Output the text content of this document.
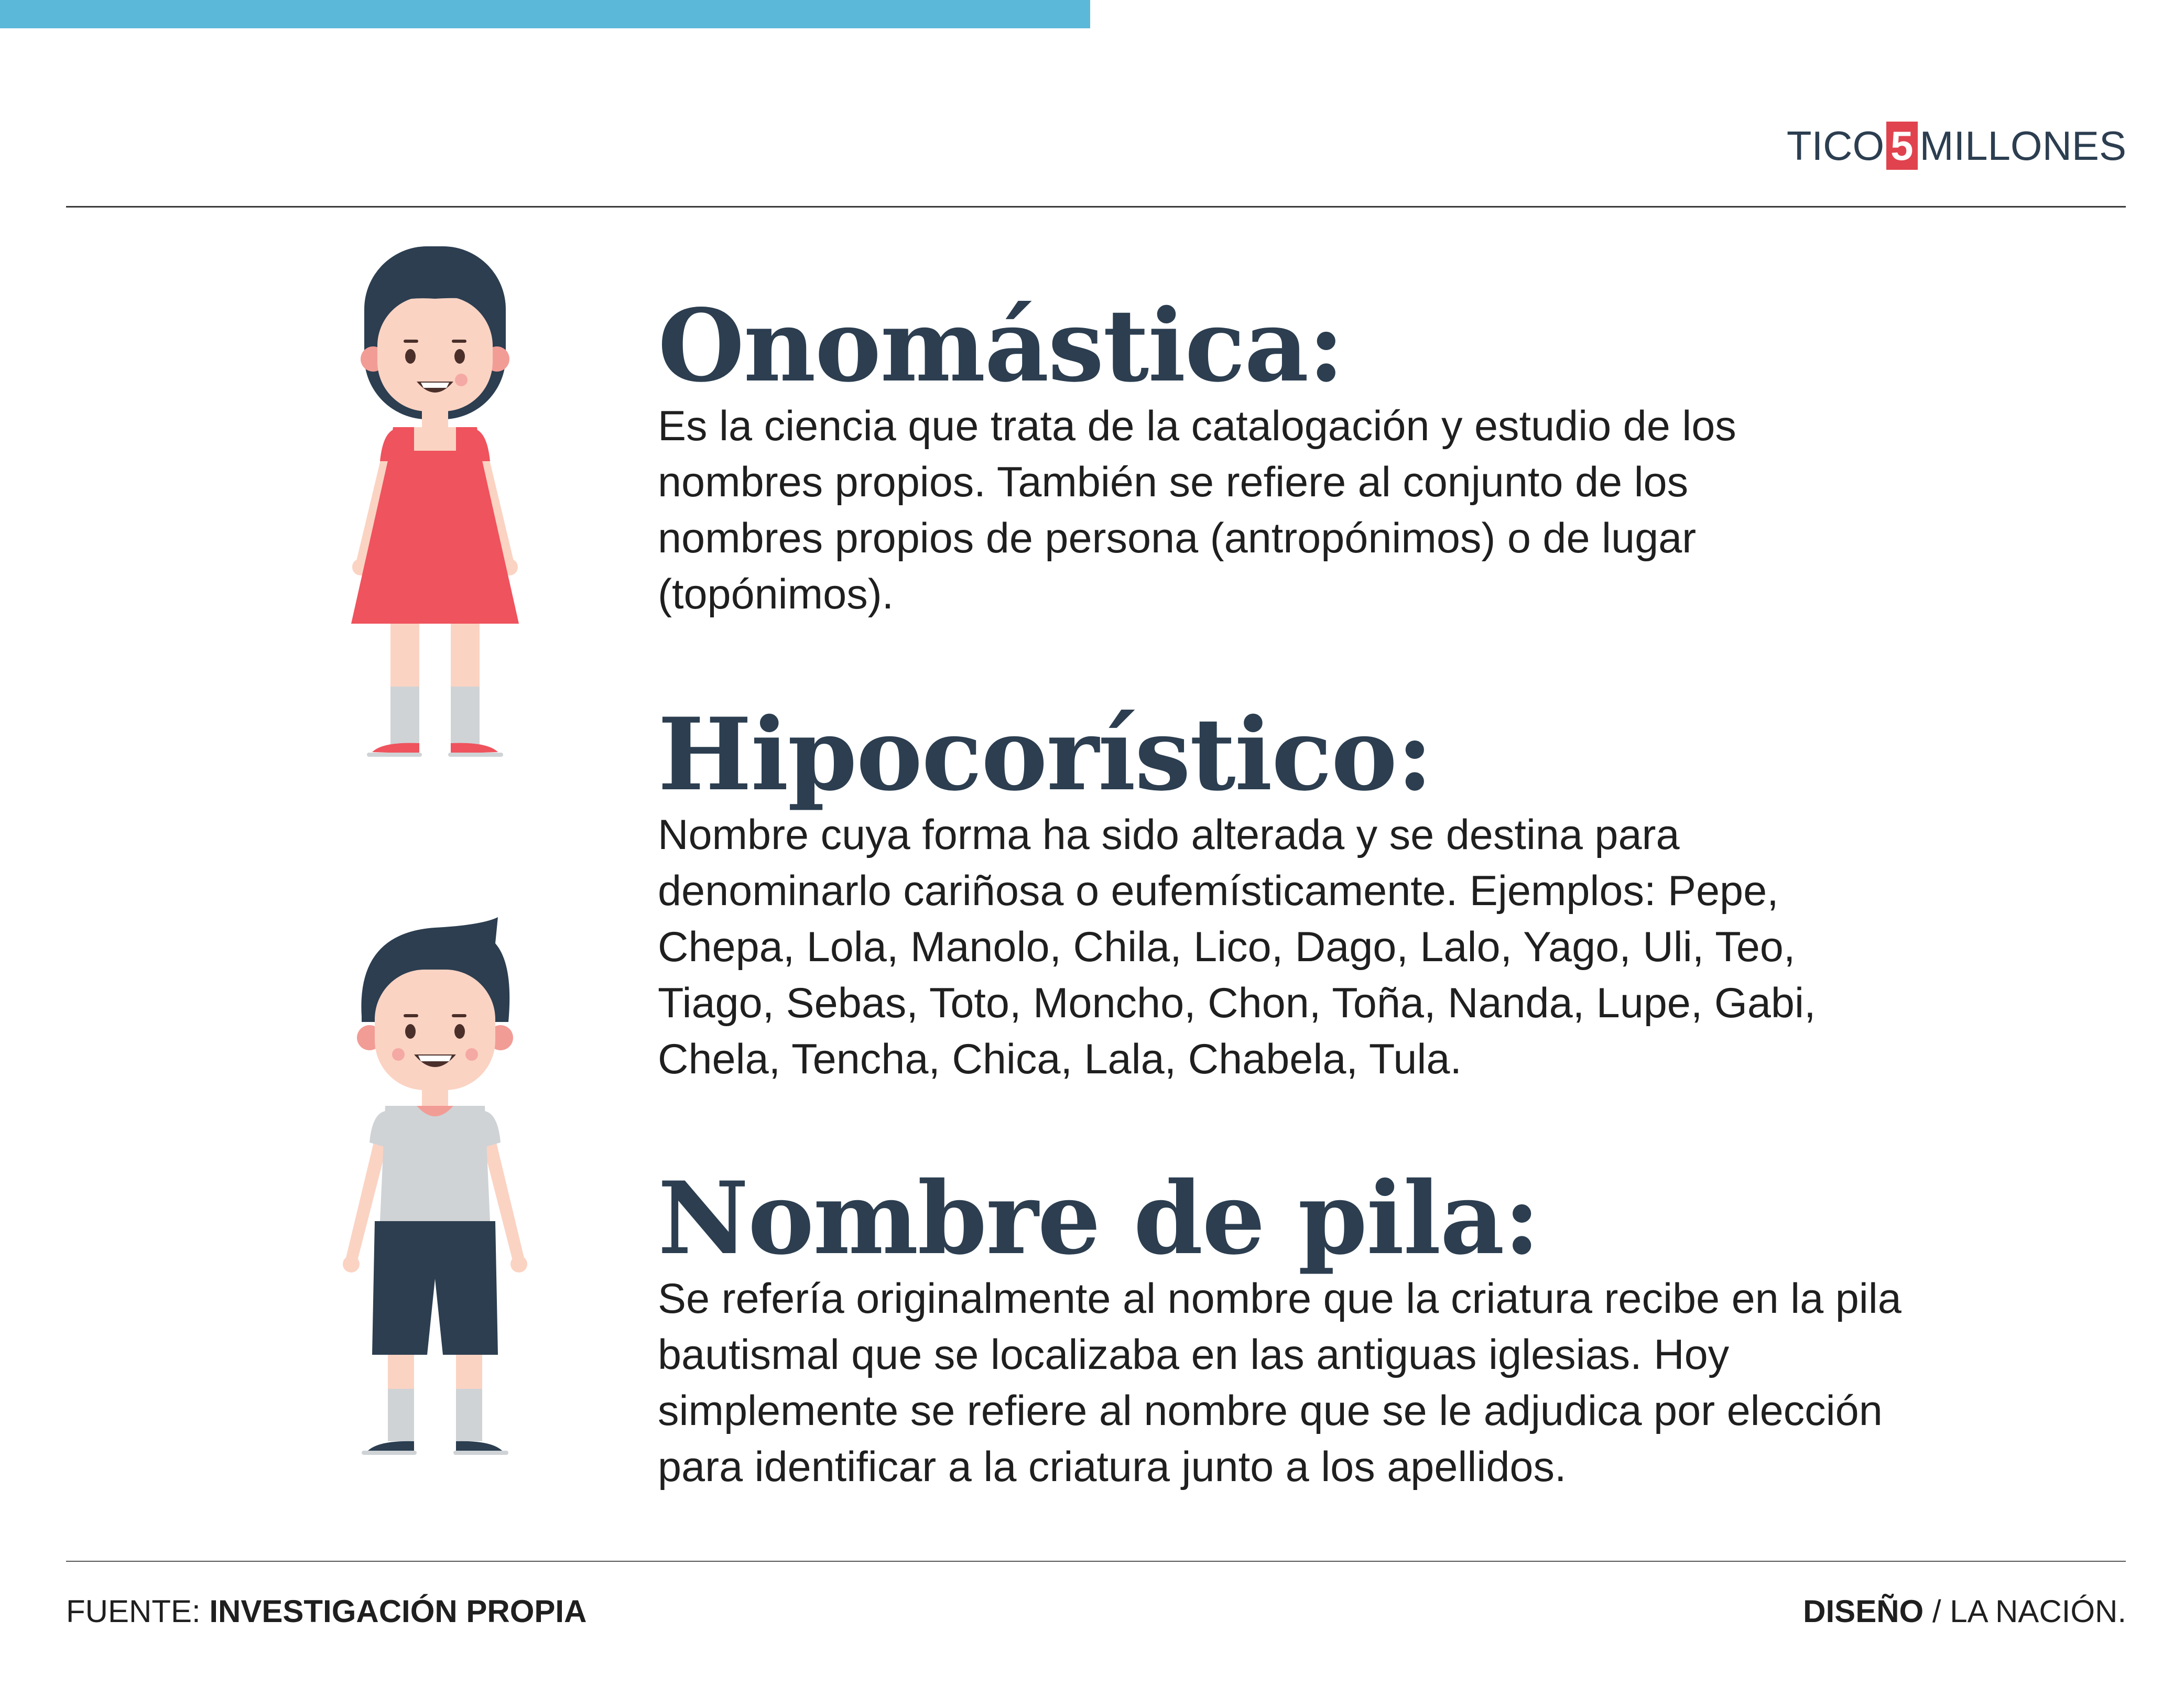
TICO 5 MILLONES
Onomástica:

Es la ciencia que trata de la catalogación y estudio de los nombres propios. También se refiere al conjunto de los nombres propios de persona (antropónimos) o de lugar (topónimos).

Hipocorístico:

Nombre cuya forma ha sido alterada y se destina para denominarlo cariñosa o eufemísticamente. Ejemplos: Pepe, Chepa, Lola, Manolo, Chila, Lico, Dago, Lalo, Yago, Uli, Teo, Tiago, Sebas, Toto, Moncho, Chon, Toña, Nanda, Lupe, Gabi, Chela, Tencha, Chica, Lala, Chabela, Tula.

Nombre de pila:

Se refería originalmente al nombre que la criatura recibe en la pila bautismal que se localizaba en las antiguas iglesias. Hoy simplemente se refiere al nombre que se le adjudica por elección para identificar a la criatura junto a los apellidos.

FUENTE: INVESTIGACIÓN PROPIA	DISEÑO / LA NACIÓN.
